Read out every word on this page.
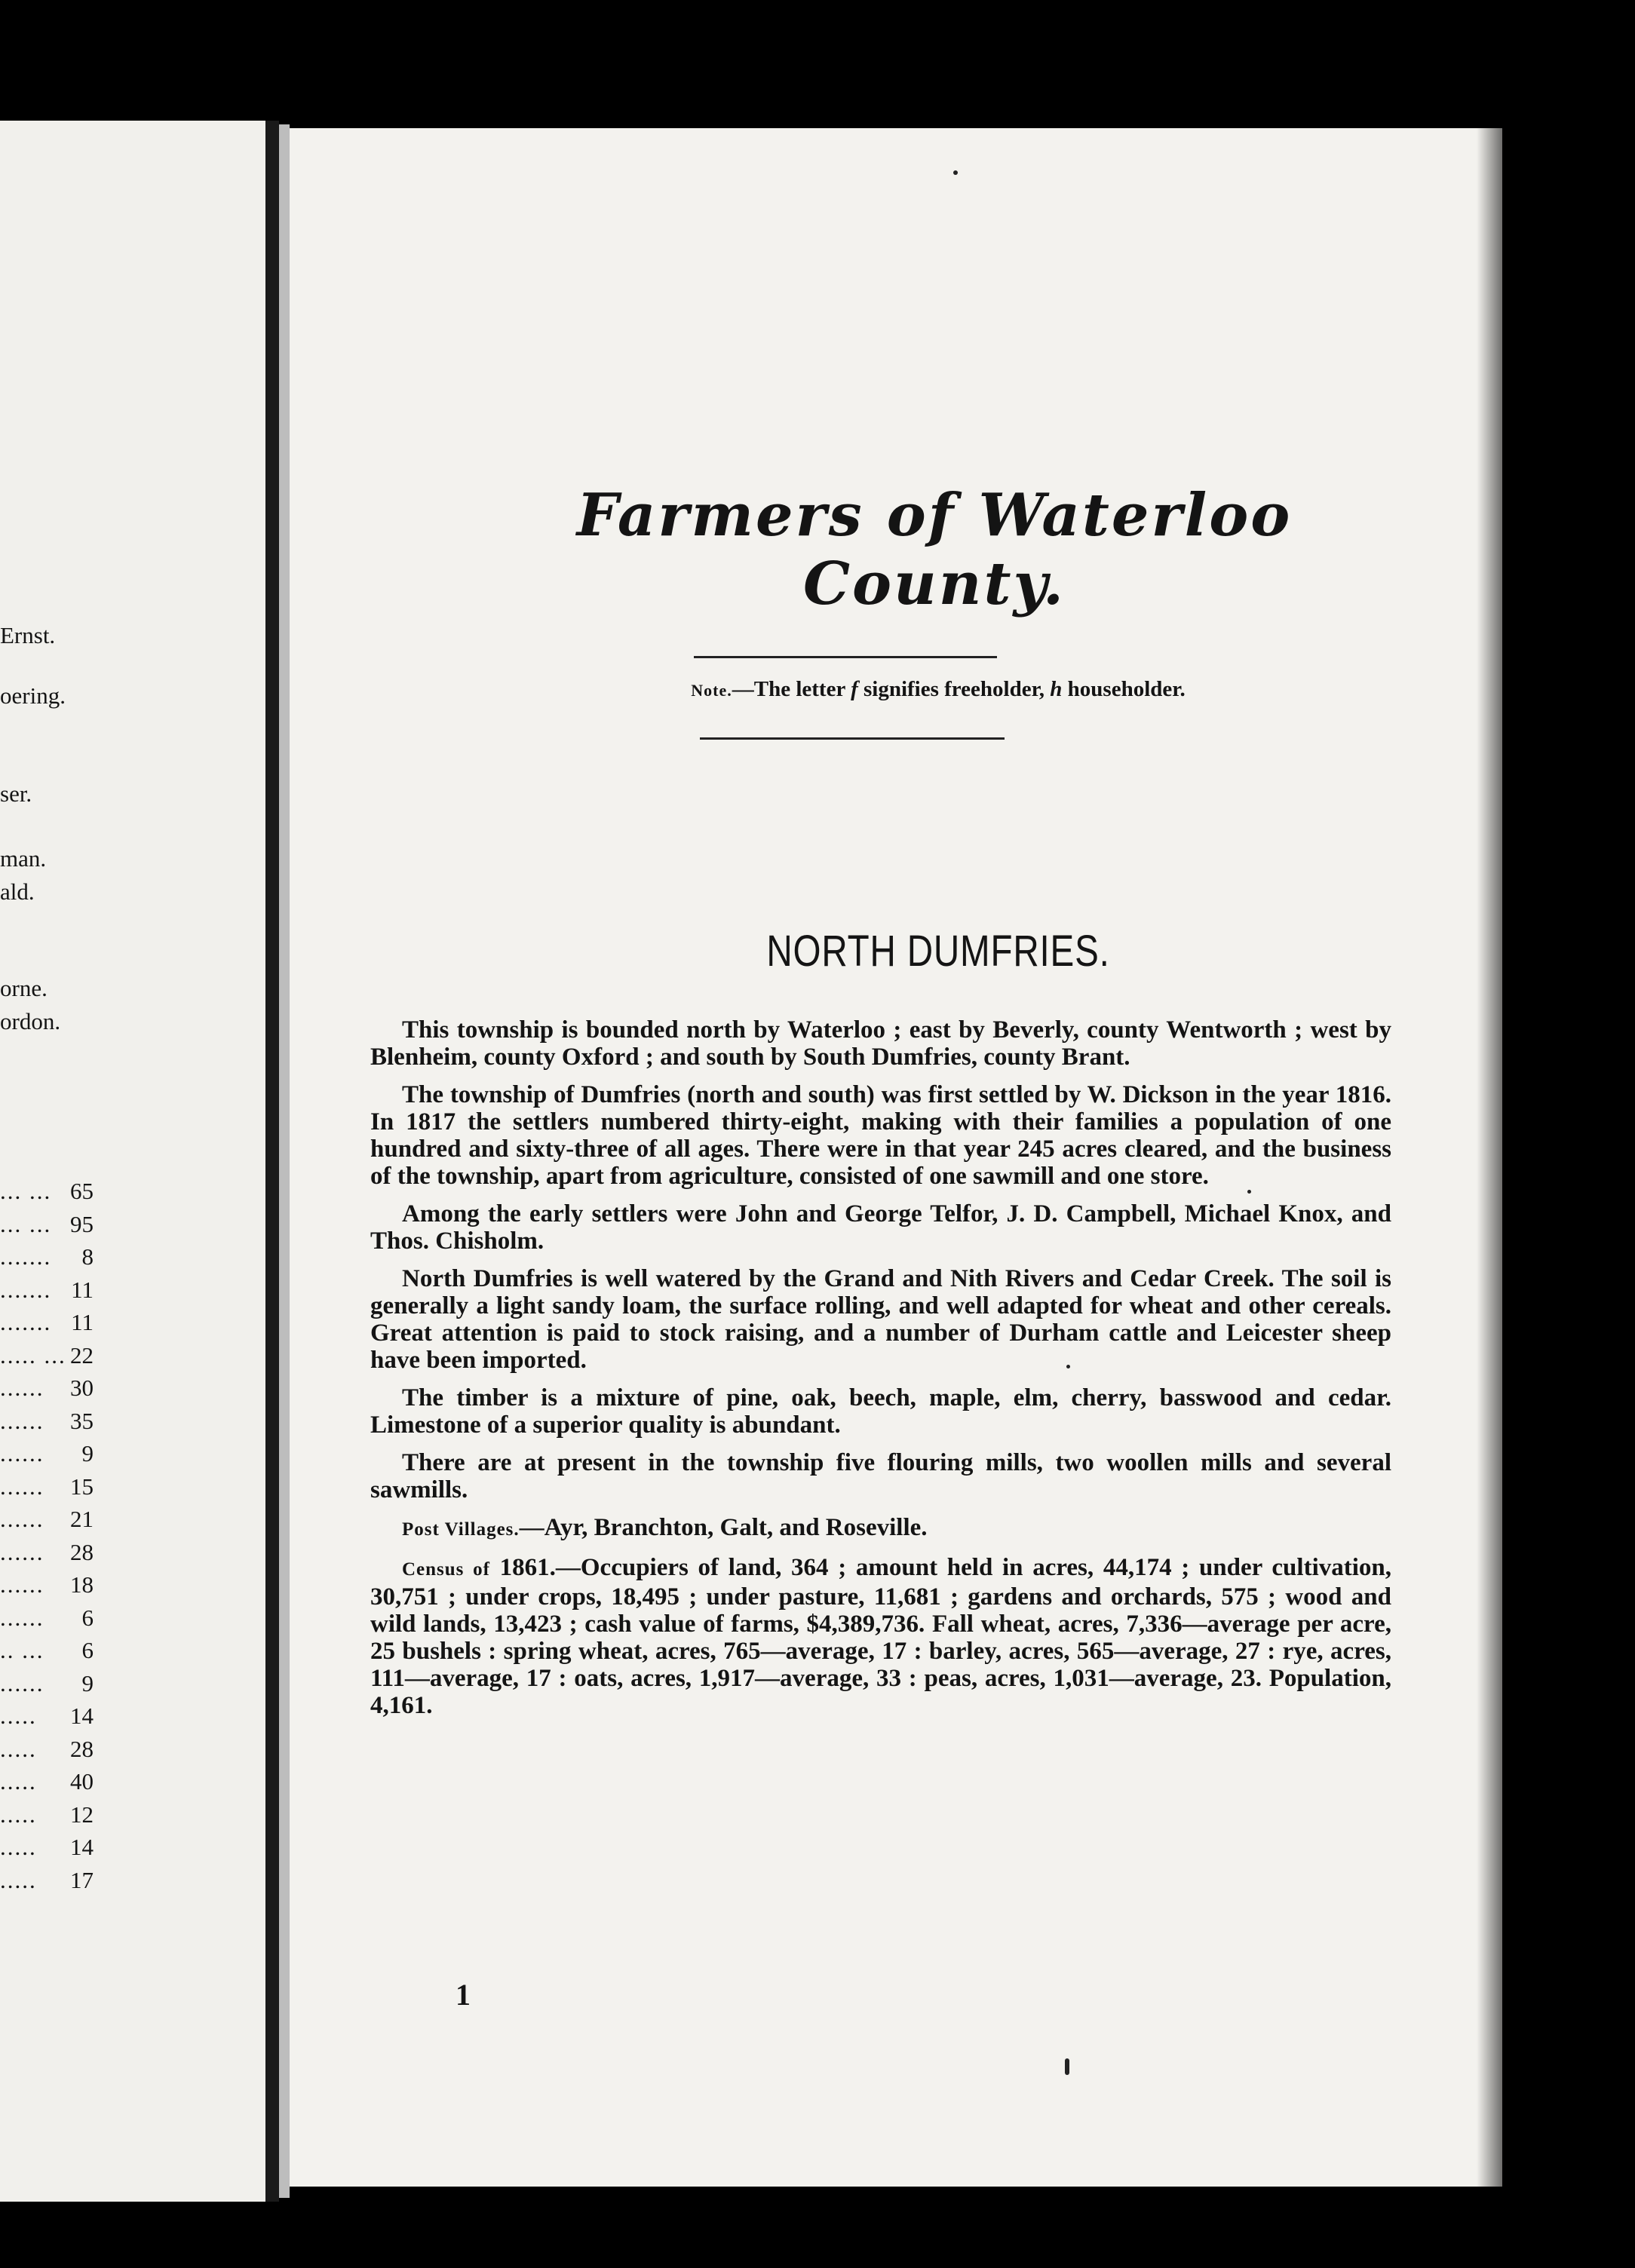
Ernst.
oering.
ser.
man.
ald.
orne.
ordon.
... ... 65
... ... 95
....... 8
....... 11
....... 11
..... ... 22
...... 30
...... 35
...... 9
...... 15
...... 21
...... 28
...... 18
...... 6
.. ... 6
...... 9
..... 14
..... 28
..... 40
..... 12
..... 14
..... 17
Farmers of Waterloo County.
Note.—The letter f signifies freeholder, h householder.
NORTH DUMFRIES.

This township is bounded north by Waterloo ; east by Beverly, county Wentworth ; west by Blenheim, county Oxford ; and south by South Dumfries, county Brant.

The township of Dumfries (north and south) was first settled by W. Dickson in the year 1816. In 1817 the settlers numbered thirty-eight, making with their families a population of one hundred and sixty-three of all ages. There were in that year 245 acres cleared, and the business of the township, apart from agriculture, consisted of one sawmill and one store.

Among the early settlers were John and George Telfor, J. D. Campbell, Michael Knox, and Thos. Chisholm.

North Dumfries is well watered by the Grand and Nith Rivers and Cedar Creek. The soil is generally a light sandy loam, the surface rolling, and well adapted for wheat and other cereals. Great attention is paid to stock raising, and a number of Durham cattle and Leicester sheep have been imported.

The timber is a mixture of pine, oak, beech, maple, elm, cherry, basswood and cedar. Limestone of a superior quality is abundant.

There are at present in the township five flouring mills, two woollen mills and several sawmills.

Post Villages.—Ayr, Branchton, Galt, and Roseville.

Census of 1861.—Occupiers of land, 364 ; amount held in acres, 44,174 ; under cultivation, 30,751 ; under crops, 18,495 ; under pasture, 11,681 ; gardens and orchards, 575 ; wood and wild lands, 13,423 ; cash value of farms, $4,389,736. Fall wheat, acres, 7,336—average per acre, 25 bushels : spring wheat, acres, 765—average, 17 : barley, acres, 565—average, 27 : rye, acres, 111—average, 17 : oats, acres, 1,917—average, 33 : peas, acres, 1,031—average, 23. Population, 4,161.

1
